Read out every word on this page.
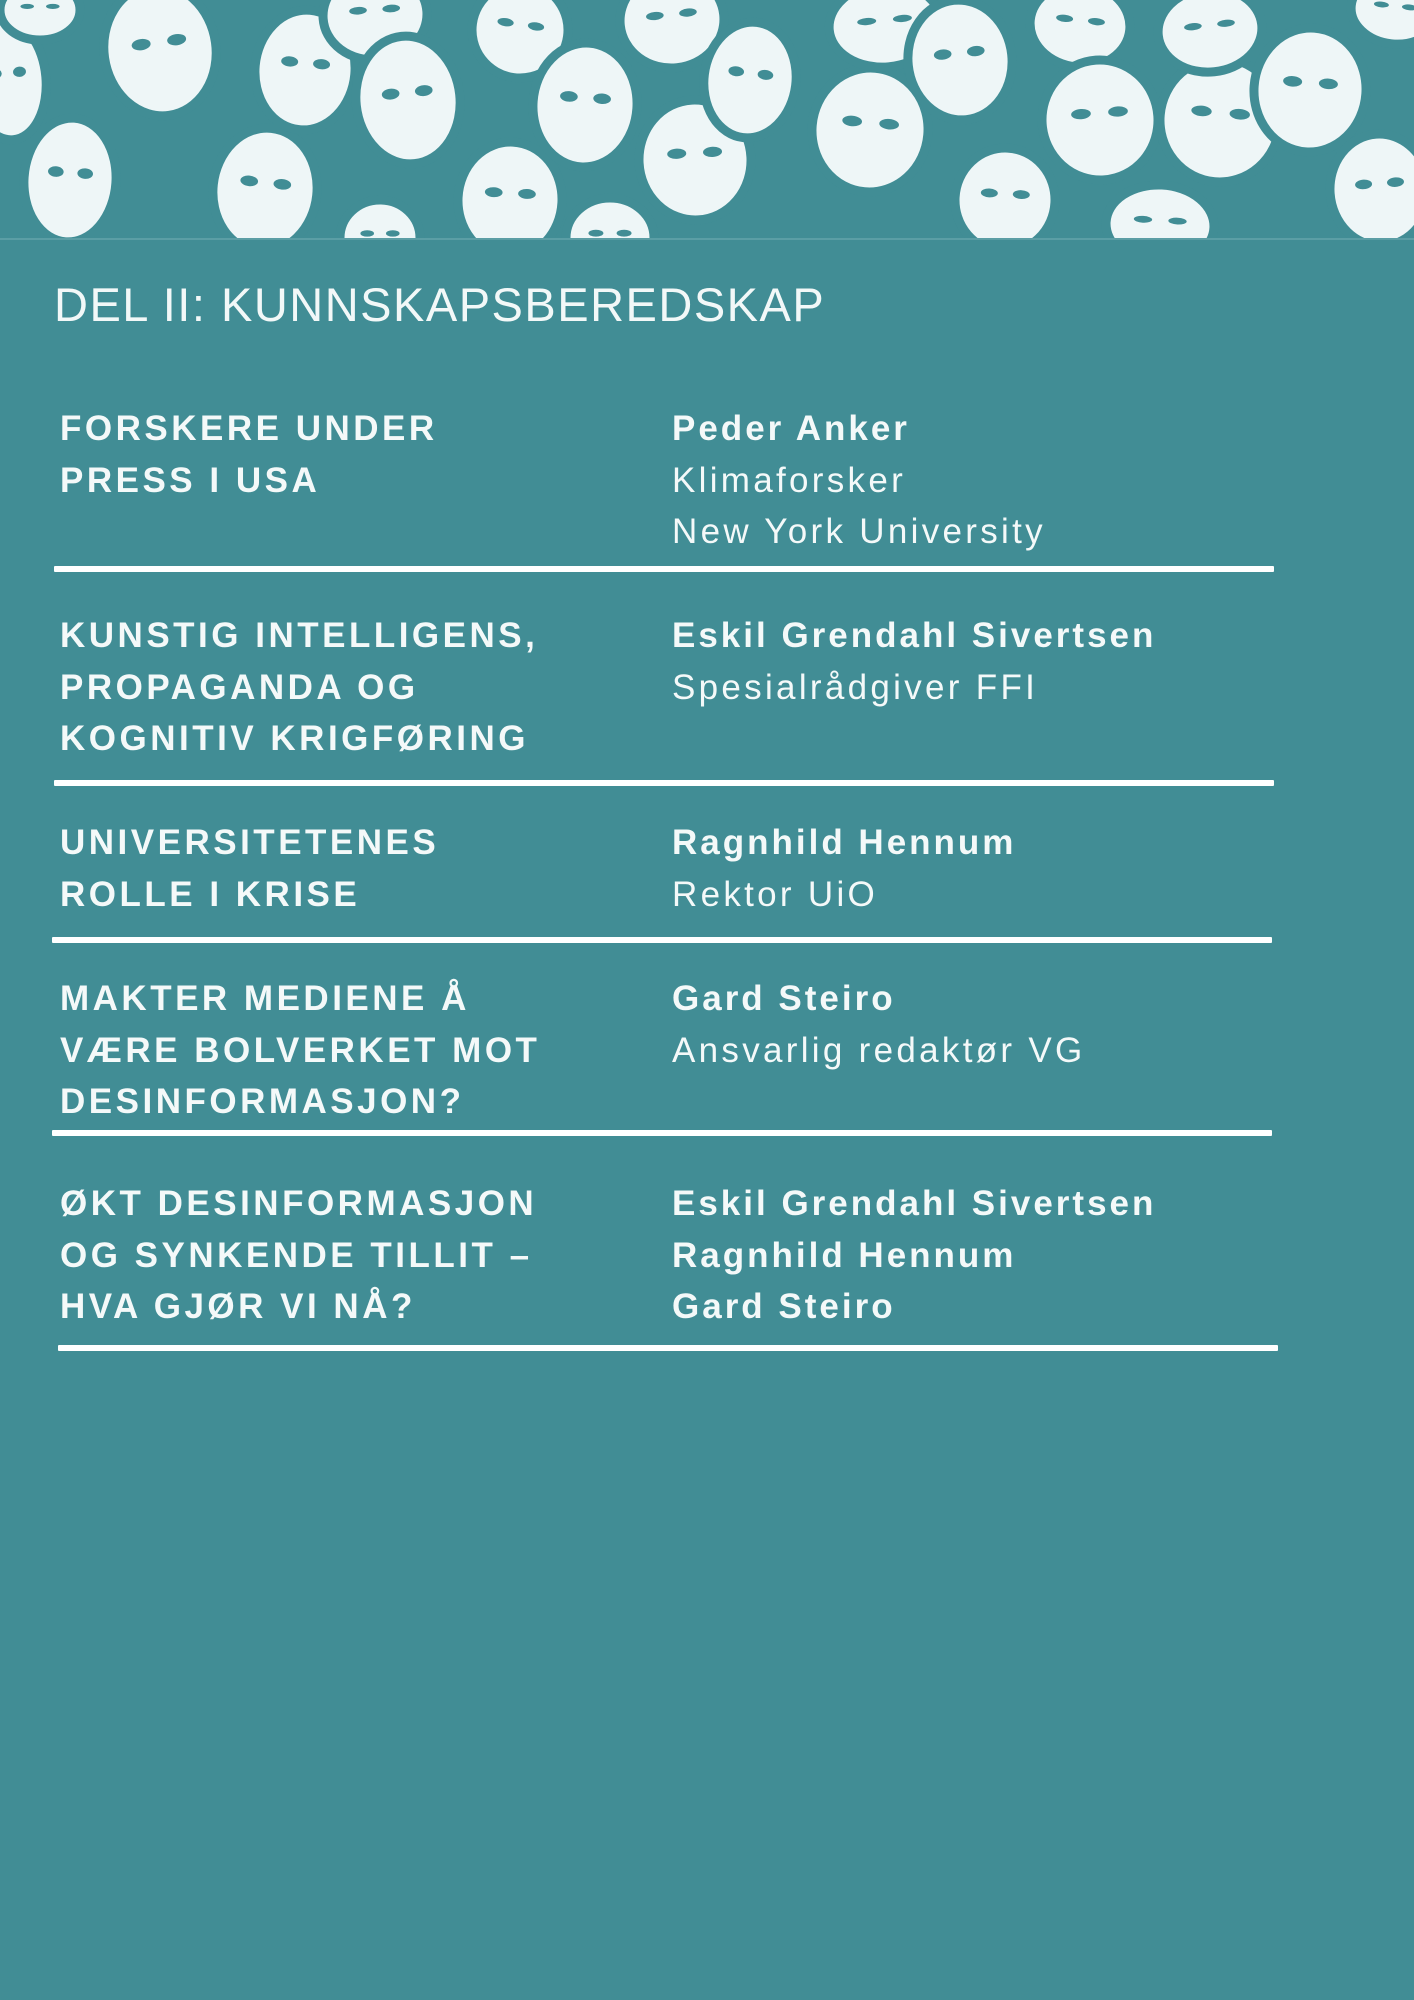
DEL II: KUNNSKAPSBEREDSKAP
FORSKERE UNDER
PRESS I USA
Peder Anker
Klimaforsker
New York University
KUNSTIG INTELLIGENS,
PROPAGANDA OG
KOGNITIV KRIGFØRING
Eskil Grendahl Sivertsen
Spesialrådgiver FFI
UNIVERSITETENES
ROLLE I KRISE
Ragnhild Hennum
Rektor UiO
MAKTER MEDIENE Å
VÆRE BOLVERKET MOT
DESINFORMASJON?
Gard Steiro
Ansvarlig redaktør VG
ØKT DESINFORMASJON
OG SYNKENDE TILLIT –
HVA GJØR VI NÅ?
Eskil Grendahl Sivertsen
Ragnhild Hennum
Gard Steiro
